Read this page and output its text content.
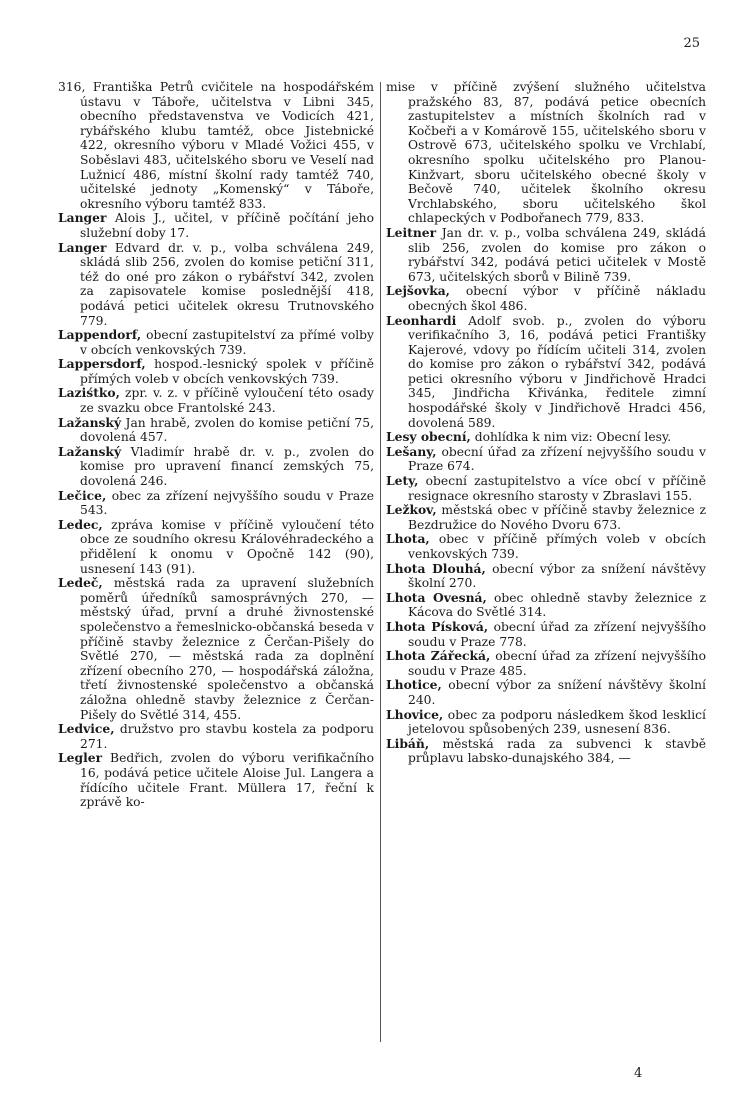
25

316, Františka Petrů cvičitele na hospodářském ústavu v Táboře, učitelstva v Libni 345, obecního představenstva ve Vodicích 421, rybářského klubu tamtéž, obce Jistebnické 422, okresního výboru v Mladé Vožici 455, v Soběslavi 483, učitelského sboru ve Veselí nad Lužnicí 486, místní školní rady tamtéž 740, učitelské jednoty „Komenský“ v Táboře, okresního výboru tamtéž 833.

Langer Alois J., učitel, v příčině počítání jeho služební doby 17.

Langer Edvard dr. v. p., volba schválena 249, skládá slib 256, zvolen do komise petiční 311, též do oné pro zákon o rybářství 342, zvolen za zapisovatele komise poslednější 418, podává petici učitelek okresu Trutnovského 779.

Lappendorf, obecní zastupitelství za přímé volby v obcích venkovských 739.

Lappersdorf, hospod.-lesnický spolek v příčině přímých voleb v obcích venkovských 739.

Laziśtko, zpr. v. z. v příčině vyloučení této osady ze svazku obce Frantolské 243.

Lažanský Jan hrabě, zvolen do komise petiční 75, dovolená 457.

Lažanský Vladimír hrabě dr. v. p., zvolen do komise pro upravení financí zemských 75, dovolená 246.

Lečice, obec za zřízení nejvyššího soudu v Praze 543.

Ledec, zpráva komise v příčině vyloučení této obce ze soudního okresu Královéhradeckého a přidělení k onomu v Opočně 142 (90), usnesení 143 (91).

Ledeč, městská rada za upravení služebních poměrů úředníků samosprávných 270, — městský úřad, první a druhé živnostenské společenstvo a řemeslnicko-občanská beseda v příčině stavby železnice z Čerčan-Pišely do Světlé 270, — městská rada za doplnění zřízení obecního 270, — hospodářská záložna, třetí živnostenské společenstvo a občanská záložna ohledně stavby železnice z Čerčan-Pišely do Světlé 314, 455.

Ledvice, družstvo pro stavbu kostela za podporu 271.

Legler Bedřich, zvolen do výboru verifikačního 16, podává petice učitele Aloise Jul. Langera a řídícího učitele Frant. Müllera 17, řeční k zprávě ko-

mise v příčině zvýšení služného učitelstva pražského 83, 87, podává petice obecních zastupitelstev a místních školních rad v Kočbeři a v Komárově 155, učitelského sboru v Ostrově 673, učitelského spolku ve Vrchlabí, okresního spolku učitelského pro Planou-Kinžvart, sboru učitelského obecné školy v Bečově 740, učitelek školního okresu Vrchlabského, sboru učitelského škol chlapeckých v Podbořanech 779, 833.

Leitner Jan dr. v. p., volba schválena 249, skládá slib 256, zvolen do komise pro zákon o rybářství 342, podává petici učitelek v Mostě 673, učitelských sborů v Bilině 739.

Lejšovka, obecní výbor v příčině nákladu obecných škol 486.

Leonhardi Adolf svob. p., zvolen do výboru verifikačního 3, 16, podává petici Františky Kajerové, vdovy po řídícím učiteli 314, zvolen do komise pro zákon o rybářství 342, podává petici okresního výboru v Jindřichově Hradci 345, Jindřicha Křivánka, ředitele zimní hospodářské školy v Jindřichově Hradci 456, dovolená 589.

Lesy obecní, dohlídka k nim viz: Obecní lesy.

Lešany, obecní úřad za zřízení nejvyššího soudu v Praze 674.

Lety, obecní zastupitelstvo a více obcí v příčině resignace okresního starosty v Zbraslavi 155.

Ležkov, městská obec v příčině stavby železnice z Bezdružice do Nového Dvoru 673.

Lhota, obec v příčině přímých voleb v obcích venkovských 739.

Lhota Dlouhá, obecní výbor za snížení návštěvy školní 270.

Lhota Ovesná, obec ohledně stavby železnice z Kácova do Světlé 314.

Lhota Písková, obecní úřad za zřízení nejvyššího soudu v Praze 778.

Lhota Zářecká, obecní úřad za zřízení nejvyššího soudu v Praze 485.

Lhotice, obecní výbor za snížení návštěvy školní 240.

Lhovice, obec za podporu následkem škod lesklicí jetelovou spůsobených 239, usnesení 836.

Libáň, městská rada za subvenci k stavbě průplavu labsko-dunajského 384, —

4
